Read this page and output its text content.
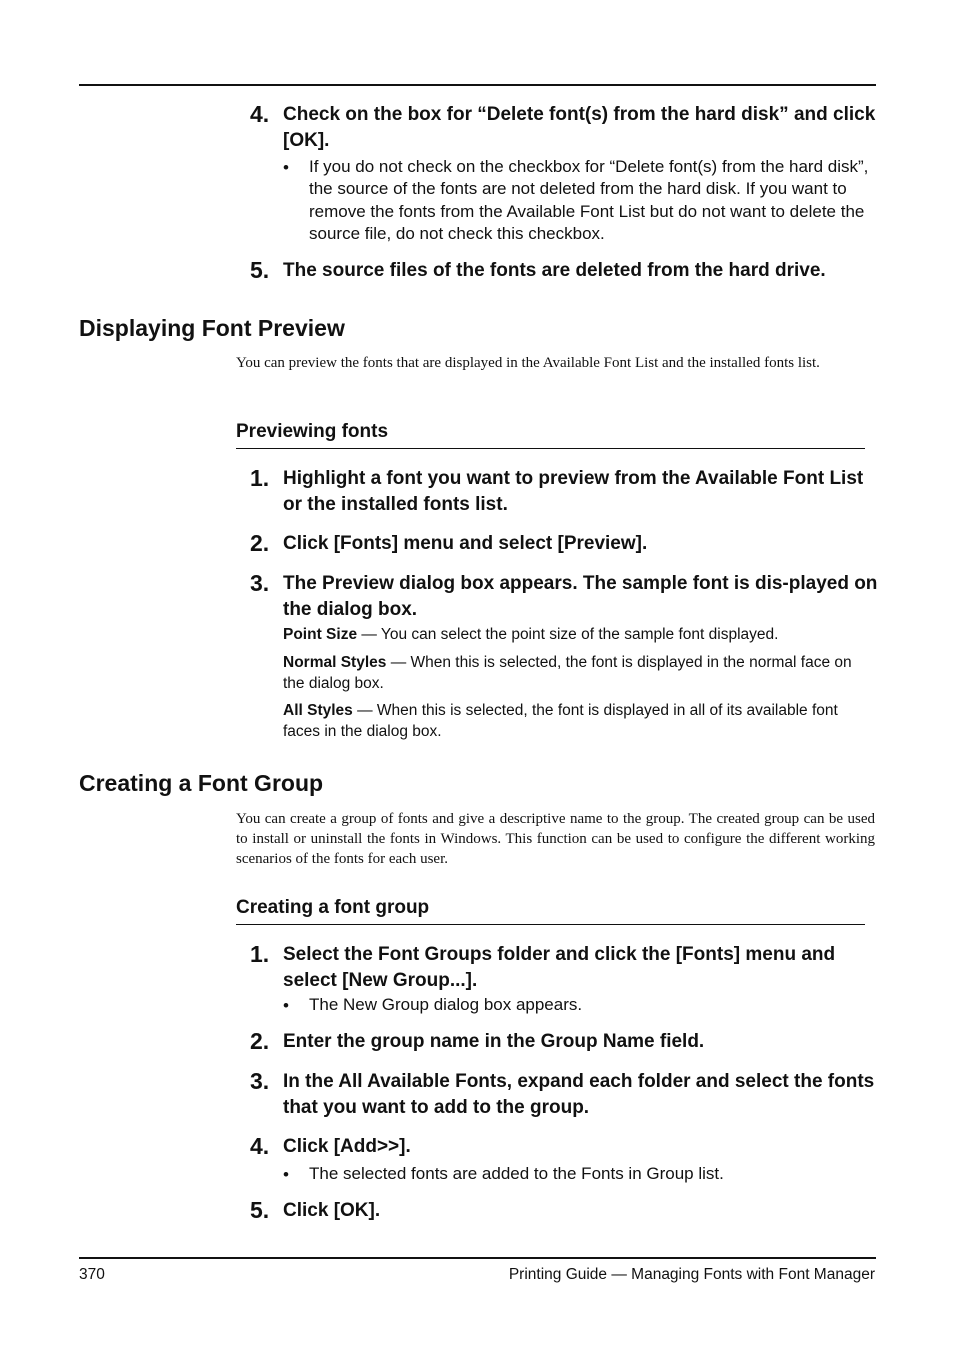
4. Check on the box for “Delete font(s) from the hard disk” and click [OK].
• If you do not check on the checkbox for “Delete font(s) from the hard disk”, the source of the fonts are not deleted from the hard disk. If you want to remove the fonts from the Available Font List but do not want to delete the source file, do not check this checkbox.
5. The source files of the fonts are deleted from the hard drive.
Displaying Font Preview
You can preview the fonts that are displayed in the Available Font List and the installed fonts list.
Previewing fonts
1. Highlight a font you want to preview from the Available Font List or the installed fonts list.
2. Click [Fonts] menu and select [Preview].
3. The Preview dialog box appears. The sample font is dis-played on the dialog box.
Point Size — You can select the point size of the sample font displayed.
Normal Styles — When this is selected, the font is displayed in the normal face on the dialog box.
All Styles — When this is selected, the font is displayed in all of its available font faces in the dialog box.
Creating a Font Group
You can create a group of fonts and give a descriptive name to the group. The created group can be used to install or uninstall the fonts in Windows. This function can be used to configure the different working scenarios of the fonts for each user.
Creating a font group
1. Select the Font Groups folder and click the [Fonts] menu and select [New Group...].
• The New Group dialog box appears.
2. Enter the group name in the Group Name field.
3. In the All Available Fonts, expand each folder and select the fonts that you want to add to the group.
4. Click [Add>>].
• The selected fonts are added to the Fonts in Group list.
5. Click [OK].
370	Printing Guide — Managing Fonts with Font Manager
